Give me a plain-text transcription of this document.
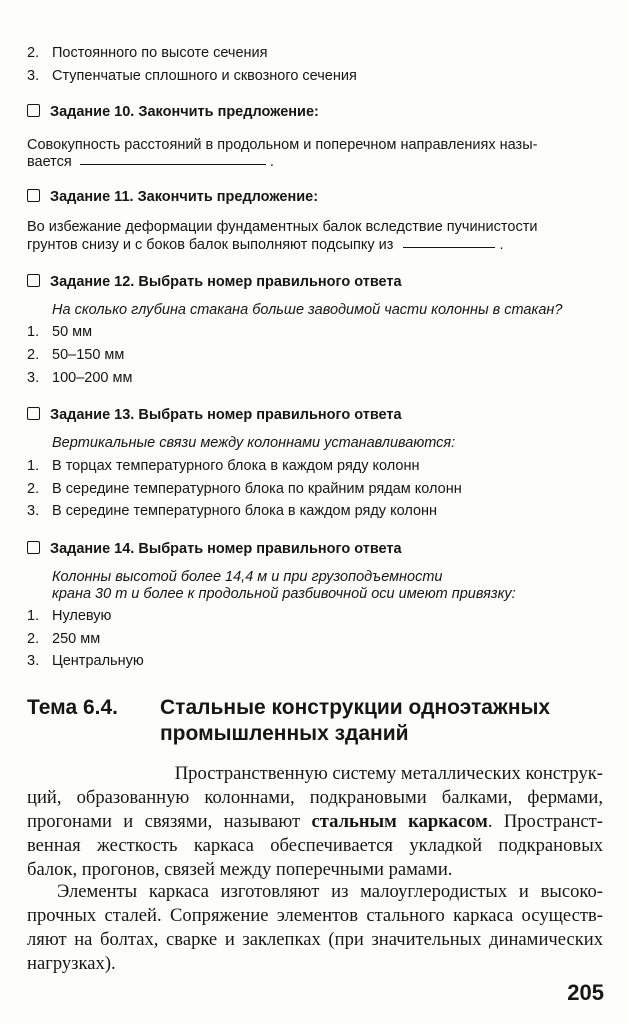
2. Постоянного по высоте сечения
3. Ступенчатые сплошного и сквозного сечения
Задание 10. Закончить предложение:
Совокупность расстояний в продольном и поперечном направлениях назы-
вается	.
Задание 11. Закончить предложение:
Во избежание деформации фундаментных балок вследствие пучинистости
грунтов снизу и с боков балок выполняют подсыпку из	.
Задание 12. Выбрать номер правильного ответа
На сколько глубина стакана больше заводимой части колонны в стакан?
1. 50 мм
2. 50–150 мм
3. 100–200 мм
Задание 13. Выбрать номер правильного ответа
Вертикальные связи между колоннами устанавливаются:
1. В торцах температурного блока в каждом ряду колонн
2. В середине температурного блока по крайним рядам колонн
3. В середине температурного блока в каждом ряду колонн
Задание 14. Выбрать номер правильного ответа
Колонны высотой более 14,4 м и при грузоподъемности
крана 30 т и более к продольной разбивочной оси имеют привязку:
1. Нулевую
2. 250 мм
3. Центральную
Тема 6.4. Стальные конструкции одноэтажных
промышленных зданий

Пространственную систему металлических конструк-

ций, образованную колоннами, подкрановыми балками, фермами,

прогонами и связями, называют стальным каркасом. Пространст-

венная жесткость каркаса обеспечивается укладкой подкрановых

балок, прогонов, связей между поперечными рамами.

Элементы каркаса изготовляют из малоуглеродистых и высоко-

прочных сталей. Сопряжение элементов стального каркаса осуществ-

ляют на болтах, сварке и заклепках (при значительных динамических

нагрузках).

205
